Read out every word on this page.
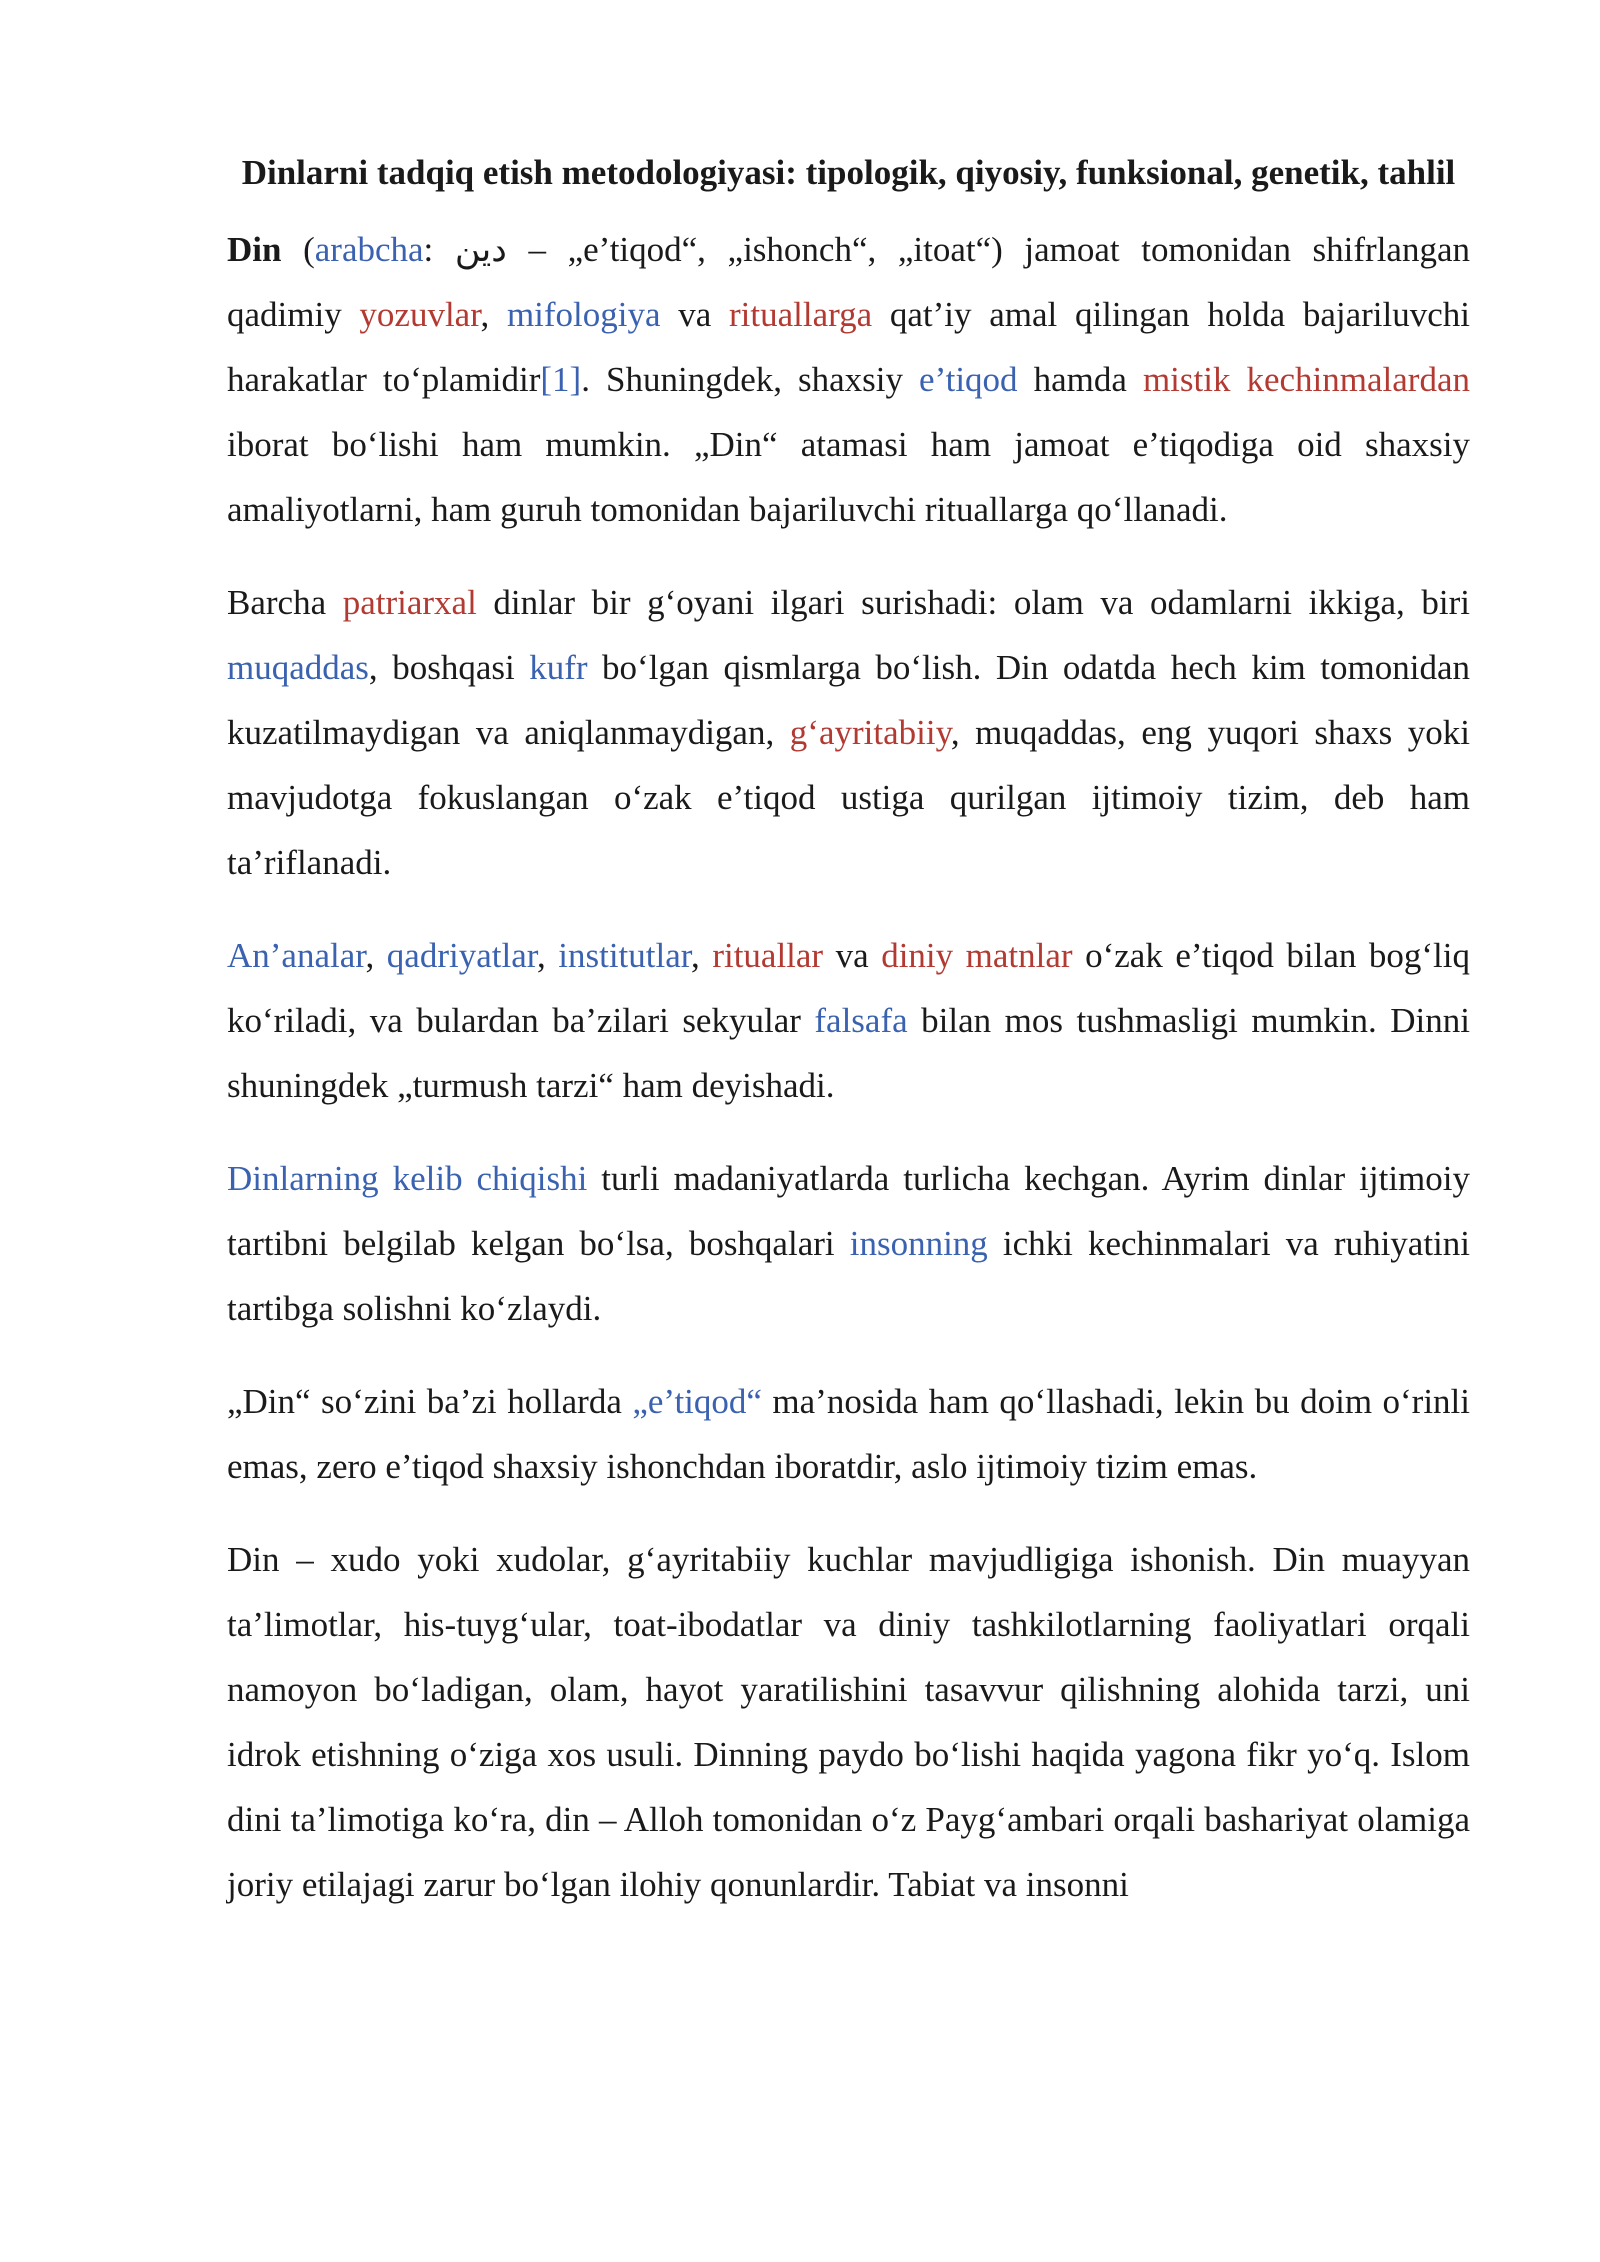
Dinlarni tadqiq etish metodologiyasi: tipologik, qiyosiy, funksional, genetik, tahlil

Din (arabcha: دين – „e’tiqod“, „ishonch“, „itoat“) jamoat tomonidan shifrlangan qadimiy yozuvlar, mifologiya va rituallarga qat’iy amal qilingan holda bajariluvchi harakatlar to‘plamidir[1]. Shuningdek, shaxsiy e’tiqod hamda mistik kechinmalardan iborat bo‘lishi ham mumkin. „Din“ atamasi ham jamoat e’tiqodiga oid shaxsiy amaliyotlarni, ham guruh tomonidan bajariluvchi rituallarga qo‘llanadi.

Barcha patriarxal dinlar bir g‘oyani ilgari surishadi: olam va odamlarni ikkiga, biri muqaddas, boshqasi kufr bo‘lgan qismlarga bo‘lish. Din odatda hech kim tomonidan kuzatilmaydigan va aniqlanmaydigan, g‘ayritabiiy, muqaddas, eng yuqori shaxs yoki mavjudotga fokuslangan o‘zak e’tiqod ustiga qurilgan ijtimoiy tizim, deb ham ta’riflanadi.

An’analar, qadriyatlar, institutlar, rituallar va diniy matnlar o‘zak e’tiqod bilan bog‘liq ko‘riladi, va bulardan ba’zilari sekyular falsafa bilan mos tushmasligi mumkin. Dinni shuningdek „turmush tarzi“ ham deyishadi.

Dinlarning kelib chiqishi turli madaniyatlarda turlicha kechgan. Ayrim dinlar ijtimoiy tartibni belgilab kelgan bo‘lsa, boshqalari insonning ichki kechinmalari va ruhiyatini tartibga solishni ko‘zlaydi.

„Din“ so‘zini ba’zi hollarda „e’tiqod“ ma’nosida ham qo‘llashadi, lekin bu doim o‘rinli emas, zero e’tiqod shaxsiy ishonchdan iboratdir, aslo ijtimoiy tizim emas.

Din – xudo yoki xudolar, g‘ayritabiiy kuchlar mavjudligiga ishonish. Din muayyan ta’limotlar, his-tuyg‘ular, toat-ibodatlar va diniy tashkilotlarning faoliyatlari orqali namoyon bo‘ladigan, olam, hayot yaratilishini tasavvur qilishning alohida tarzi, uni idrok etishning o‘ziga xos usuli. Dinning paydo bo‘lishi haqida yagona fikr yo‘q. Islom dini ta’limotiga ko‘ra, din – Alloh tomonidan o‘z Payg‘ambari orqali bashariyat olamiga joriy etilajagi zarur bo‘lgan ilohiy qonunlardir. Tabiat va insonni
